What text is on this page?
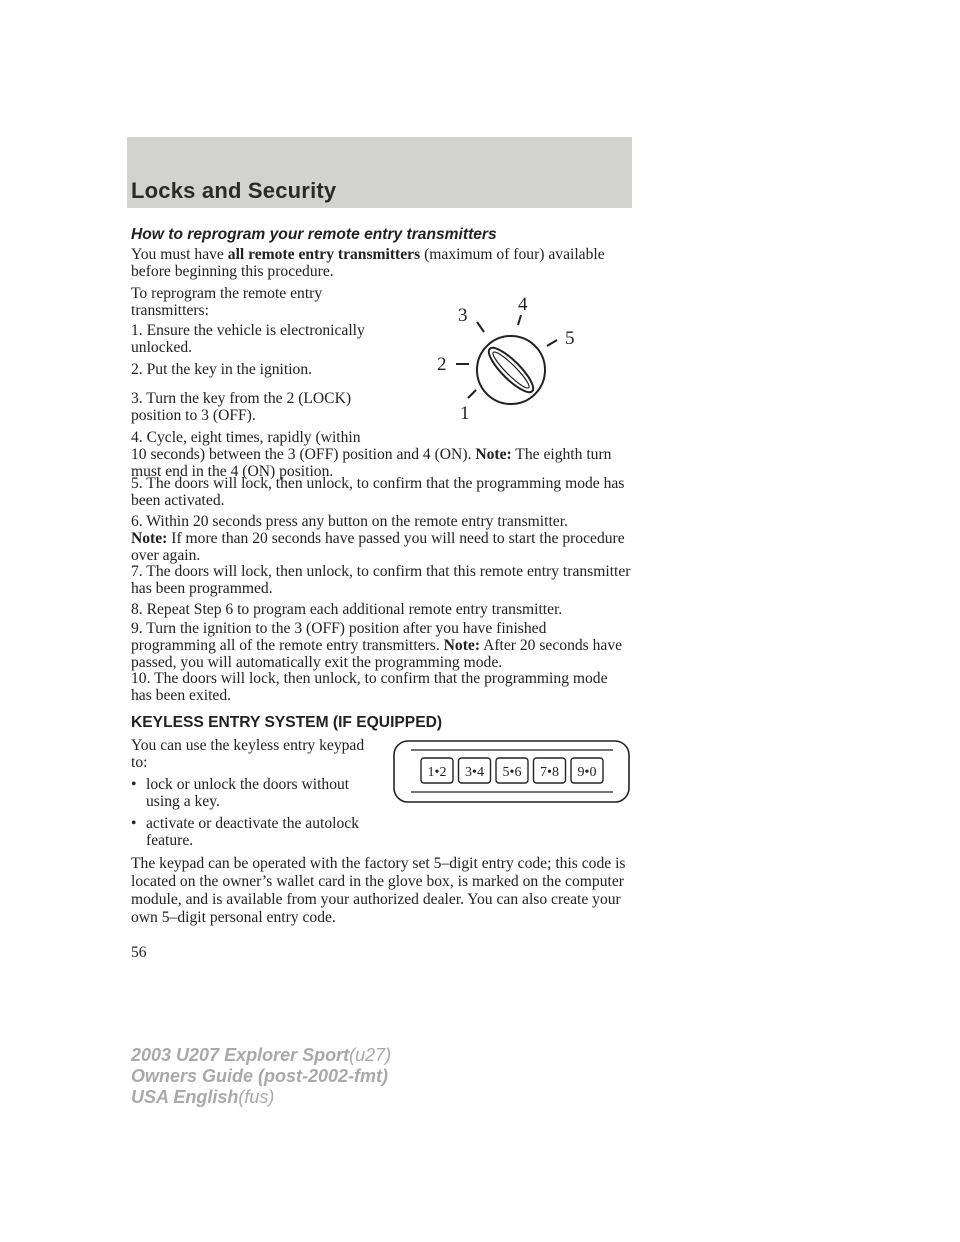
Locks and Security
How to reprogram your remote entry transmitters
You must have all remote entry transmitters (maximum of four) available before beginning this procedure.
To reprogram the remote entry transmitters:
1. Ensure the vehicle is electronically unlocked.
2. Put the key in the ignition.
3. Turn the key from the 2 (LOCK) position to 3 (OFF).
4. Cycle, eight times, rapidly (within
10 seconds) between the 3 (OFF) position and 4 (ON). Note: The eighth turn must end in the 4 (ON) position.
5. The doors will lock, then unlock, to confirm that the programming mode has been activated.
6. Within 20 seconds press any button on the remote entry transmitter.
Note: If more than 20 seconds have passed you will need to start the procedure over again.
7. The doors will lock, then unlock, to confirm that this remote entry transmitter has been programmed.
8. Repeat Step 6 to program each additional remote entry transmitter.
9. Turn the ignition to the 3 (OFF) position after you have finished programming all of the remote entry transmitters. Note: After 20 seconds have passed, you will automatically exit the programming mode.
10. The doors will lock, then unlock, to confirm that the programming mode has been exited.
3
4
5
2
1
KEYLESS ENTRY SYSTEM (IF EQUIPPED)
You can use the keyless entry keypad to:
• lock or unlock the doors without using a key.
• activate or deactivate the autolock feature.
The keypad can be operated with the factory set 5–digit entry code; this code is located on the owner’s wallet card in the glove box, is marked on the computer module, and is available from your authorized dealer. You can also create your own 5–digit personal entry code.
1•2 3•4 5•6 7•8 9•0
56
2003 U207 Explorer Sport(u27)
Owners Guide (post-2002-fmt)
USA English(fus)
